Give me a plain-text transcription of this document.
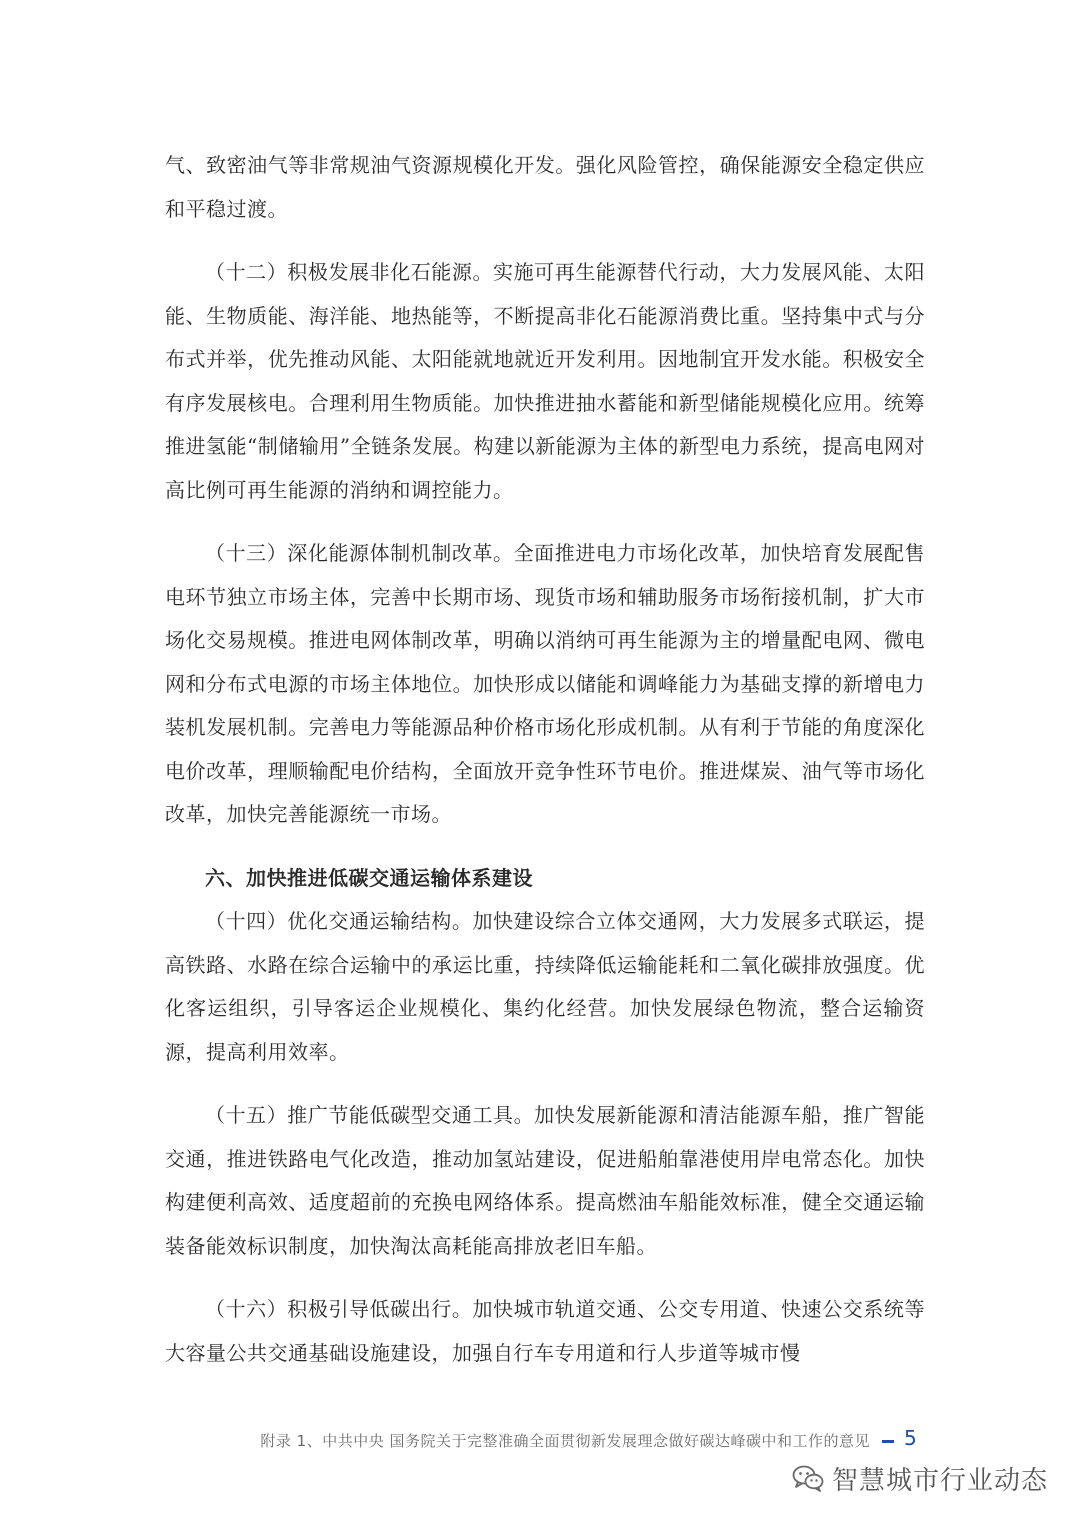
气、致密油气等非常规油气资源规模化开发。强化风险管控，确保能源安全稳定供应和平稳过渡。

（十二）积极发展非化石能源。实施可再生能源替代行动，大力发展风能、太阳能、生物质能、海洋能、地热能等，不断提高非化石能源消费比重。坚持集中式与分布式并举，优先推动风能、太阳能就地就近开发利用。因地制宜开发水能。积极安全有序发展核电。合理利用生物质能。加快推进抽水蓄能和新型储能规模化应用。统筹推进氢能“制储输用”全链条发展。构建以新能源为主体的新型电力系统，提高电网对高比例可再生能源的消纳和调控能力。

（十三）深化能源体制机制改革。全面推进电力市场化改革，加快培育发展配售电环节独立市场主体，完善中长期市场、现货市场和辅助服务市场衔接机制，扩大市场化交易规模。推进电网体制改革，明确以消纳可再生能源为主的增量配电网、微电网和分布式电源的市场主体地位。加快形成以储能和调峰能力为基础支撑的新增电力装机发展机制。完善电力等能源品种价格市场化形成机制。从有利于节能的角度深化电价改革，理顺输配电价结构，全面放开竞争性环节电价。推进煤炭、油气等市场化改革，加快完善能源统一市场。

六、加快推进低碳交通运输体系建设

（十四）优化交通运输结构。加快建设综合立体交通网，大力发展多式联运，提高铁路、水路在综合运输中的承运比重，持续降低运输能耗和二氧化碳排放强度。优化客运组织，引导客运企业规模化、集约化经营。加快发展绿色物流，整合运输资源，提高利用效率。

（十五）推广节能低碳型交通工具。加快发展新能源和清洁能源车船，推广智能交通，推进铁路电气化改造，推动加氢站建设，促进船舶靠港使用岸电常态化。加快构建便利高效、适度超前的充换电网络体系。提高燃油车船能效标准，健全交通运输装备能效标识制度，加快淘汰高耗能高排放老旧车船。

（十六）积极引导低碳出行。加快城市轨道交通、公交专用道、快速公交系统等大容量公共交通基础设施建设，加强自行车专用道和行人步道等城市慢

附录 1、中共中央 国务院关于完整准确全面贯彻新发展理念做好碳达峰碳中和工作的意见 5
智慧城市行业动态
